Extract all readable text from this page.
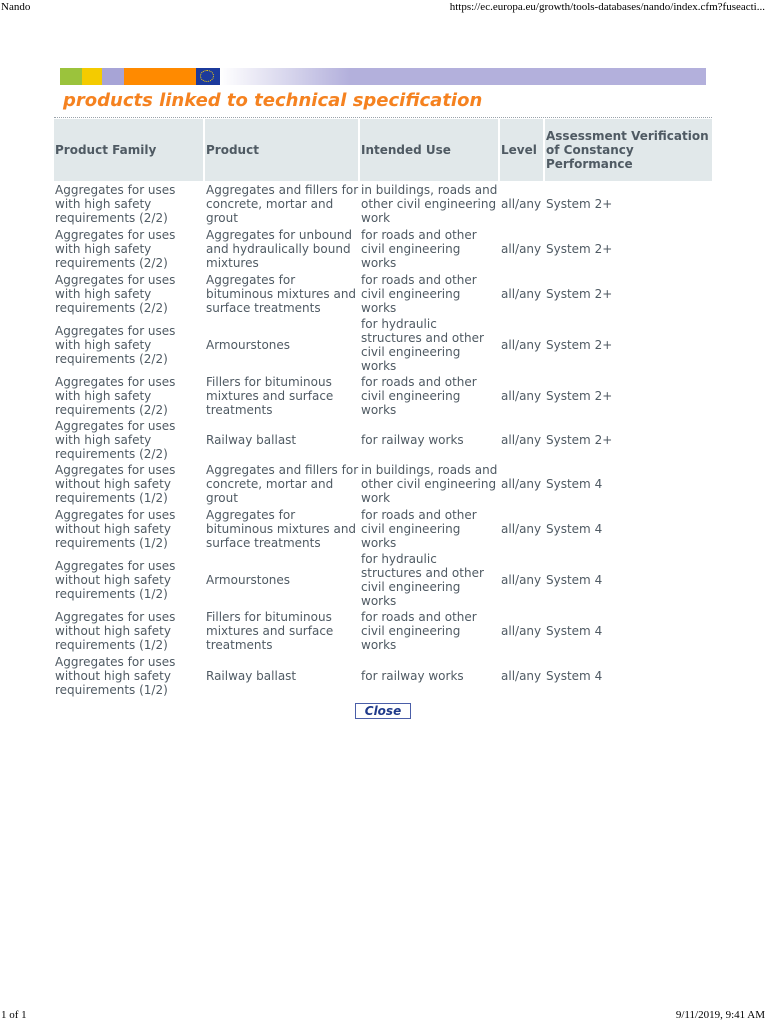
Nando	https://ec.europa.eu/growth/tools-databases/nando/index.cfm?fuseacti...
products linked to technical specification
Product Family	Product	Intended Use	Level	Assessment Verification of Constancy Performance
Aggregates for uses with high safety requirements (2/2)	Aggregates and fillers for concrete, mortar and grout	in buildings, roads and other civil engineering work	all/any	System 2+
Aggregates for uses with high safety requirements (2/2)	Aggregates for unbound and hydraulically bound mixtures	for roads and other civil engineering works	all/any	System 2+
Aggregates for uses with high safety requirements (2/2)	Aggregates for bituminous mixtures and surface treatments	for roads and other civil engineering works	all/any	System 2+
Aggregates for uses with high safety requirements (2/2)	Armourstones	for hydraulic structures and other civil engineering works	all/any	System 2+
Aggregates for uses with high safety requirements (2/2)	Fillers for bituminous mixtures and surface treatments	for roads and other civil engineering works	all/any	System 2+
Aggregates for uses with high safety requirements (2/2)	Railway ballast	for railway works	all/any	System 2+
Aggregates for uses without high safety requirements (1/2)	Aggregates and fillers for concrete, mortar and grout	in buildings, roads and other civil engineering work	all/any	System 4
Aggregates for uses without high safety requirements (1/2)	Aggregates for bituminous mixtures and surface treatments	for roads and other civil engineering works	all/any	System 4
Aggregates for uses without high safety requirements (1/2)	Armourstones	for hydraulic structures and other civil engineering works	all/any	System 4
Aggregates for uses without high safety requirements (1/2)	Fillers for bituminous mixtures and surface treatments	for roads and other civil engineering works	all/any	System 4
Aggregates for uses without high safety requirements (1/2)	Railway ballast	for railway works	all/any	System 4
Close
1 of 1	9/11/2019, 9:41 AM
